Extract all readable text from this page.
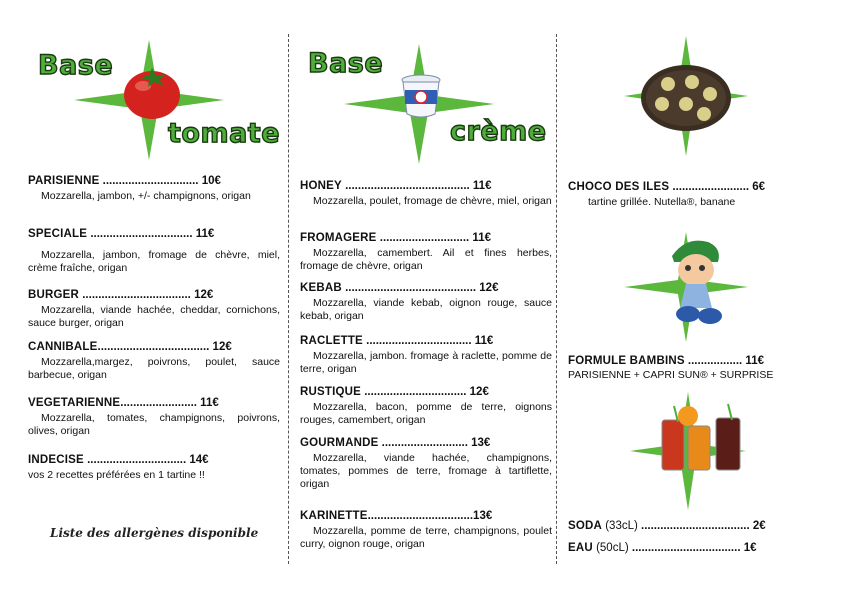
Base
tomate
PARISIENNE .............................. 10€
Mozzarella, jambon, +/- champignons, origan
SPÉCIALE ................................ 11€
Mozzarella, jambon, fromage de chèvre, miel, crème fraîche, origan
BURGER .................................. 12€
Mozzarella, viande hachée, cheddar, cornichons, sauce burger, origan
CANNIBALE................................... 12€
Mozzarella,margez, poivrons, poulet, sauce barbecue, origan
VEGETARIENNE........................ 11€
Mozzarella, tomates, champignons, poivrons, olives, origan
INDÉCISE ............................... 14€
vos 2 recettes préférées en 1 tartine !!
Liste des allergènes disponible
Base
crème
HONEY ....................................... 11€
Mozzarella, poulet, fromage de chèvre, miel, origan
FROMAGÈRE ............................ 11€
Mozzarella, camembert. Ail et fines herbes, fromage de chèvre, origan
KEBAB ......................................... 12€
Mozzarella, viande kebab, oignon rouge, sauce kebab, origan
RACLETTE ................................. 11€
Mozzarella, jambon. fromage à raclette, pomme de terre, origan
RUSTIQUE ................................ 12€
Mozzarella, bacon, pomme de terre, oignons rouges, camembert, origan
GOURMANDE ........................... 13€
Mozzarella, viande hachée, champignons, tomates, pommes de terre, fromage à tartiflette, origan
KARINETTE.................................13€
Mozzarella, pomme de terre, champignons, poulet curry, oignon rouge, origan
CHOCO DES ÎLES ........................ 6€
tartine grillée. Nutella®, banane
FORMULE BAMBINS ................. 11€
PARISIENNE + CAPRI SUN® + SURPRISE
SODA (33cL) .................................. 2€
EAU (50cL) .................................. 1€
